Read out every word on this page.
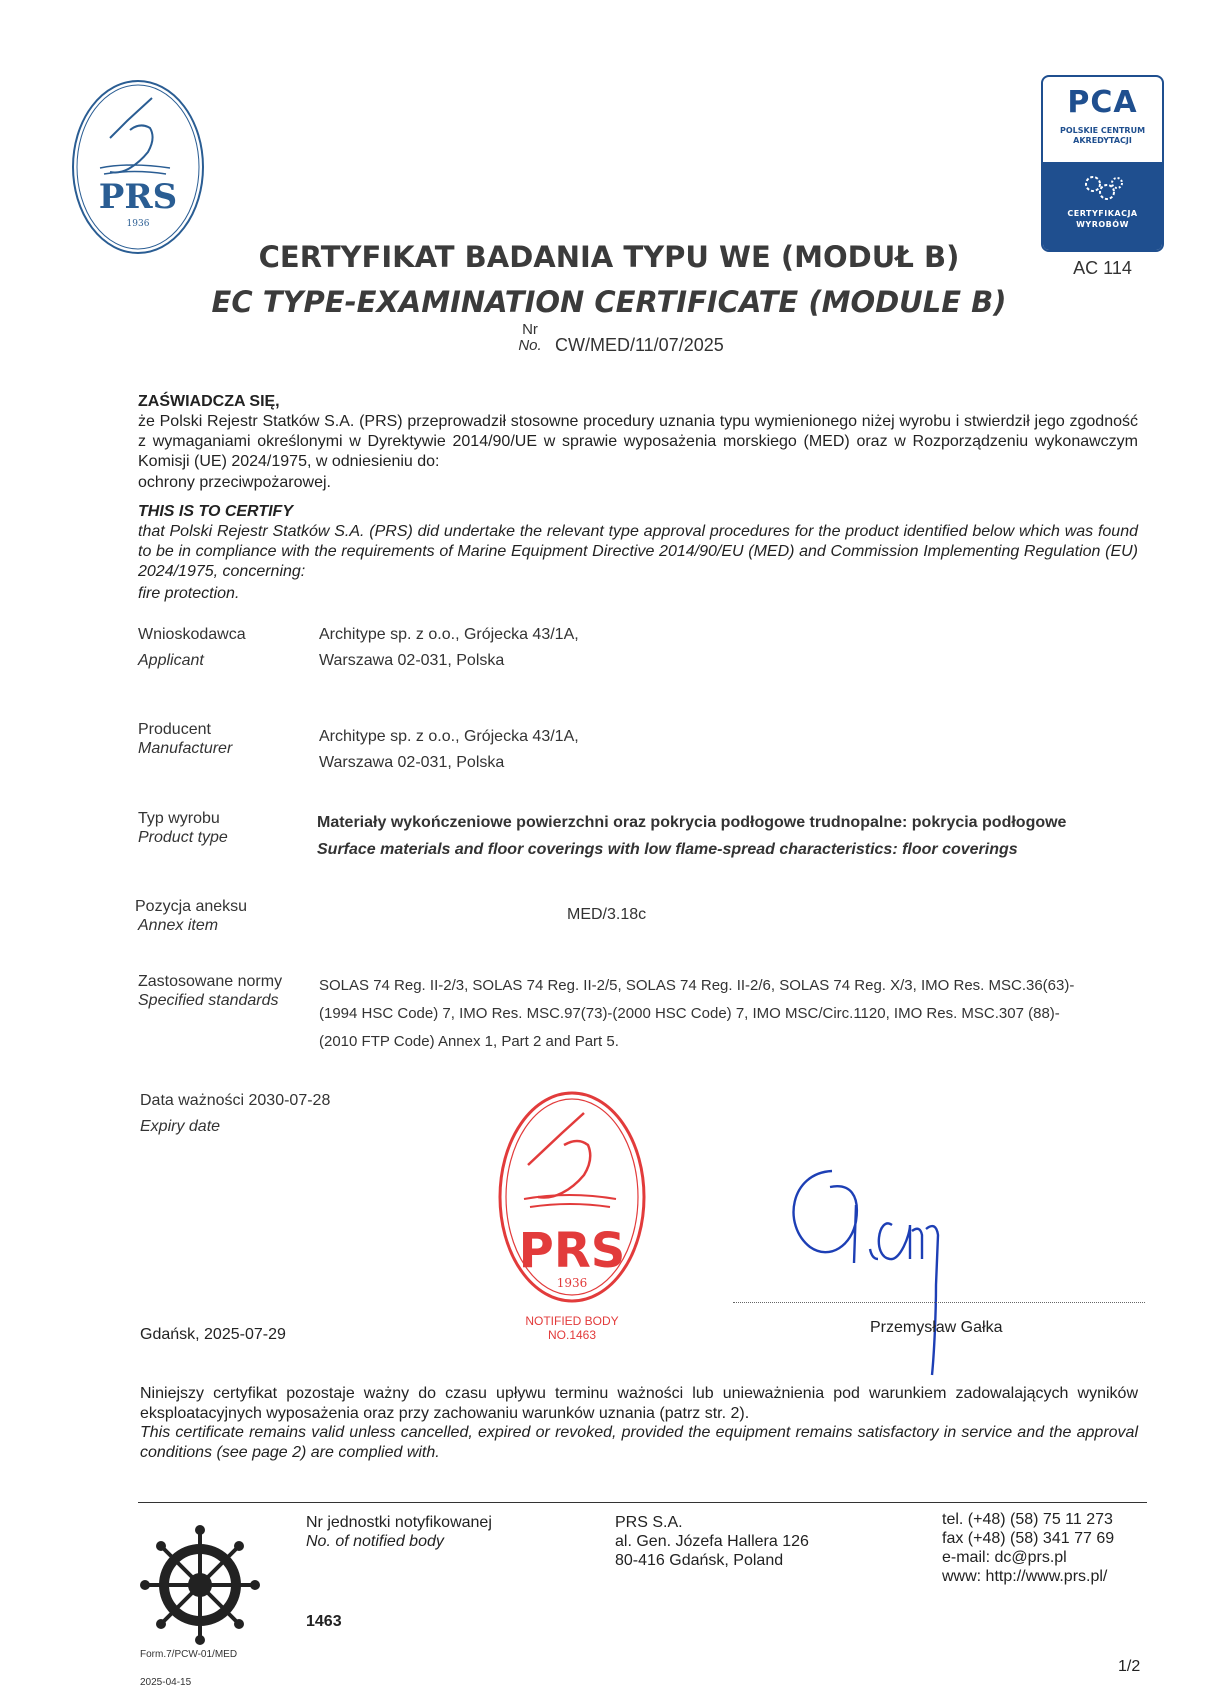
PRS
1936
PCA
POLSKIE CENTRUM
AKREDYTACJI
CERTYFIKACJA
WYROBÓW
AC 114
CERTYFIKAT BADANIA TYPU WE (MODUŁ B)
EC TYPE-EXAMINATION CERTIFICATE (MODULE B)
Nr
No. CW/MED/11/07/2025
ZAŚWIADCZA SIĘ,
że Polski Rejestr Statków S.A. (PRS) przeprowadził stosowne procedury uznania typu wymienionego niżej wyrobu i stwierdził jego zgodność z wymaganiami określonymi w Dyrektywie 2014/90/UE w sprawie wyposażenia morskiego (MED) oraz w Rozporządzeniu wykonawczym Komisji (UE) 2024/1975, w odniesieniu do:
ochrony przeciwpożarowej.
THIS IS TO CERTIFY
that Polski Rejestr Statków S.A. (PRS) did undertake the relevant type approval procedures for the product identified below which was found to be in compliance with the requirements of Marine Equipment Directive 2014/90/EU (MED) and Commission Implementing Regulation (EU) 2024/1975, concerning:
fire protection.
Wnioskodawca
Applicant
Architype sp. z o.o., Grójecka 43/1A,
Warszawa 02-031, Polska
Producent
Manufacturer
Architype sp. z o.o., Grójecka 43/1A,
Warszawa 02-031, Polska
Typ wyrobu
Product type
Materiały wykończeniowe powierzchni oraz pokrycia podłogowe trudnopalne: pokrycia podłogowe
Surface materials and floor coverings with low flame-spread characteristics: floor coverings
Pozycja aneksu
Annex item
MED/3.18c
Zastosowane normy
Specified standards
SOLAS 74 Reg. II-2/3, SOLAS 74 Reg. II-2/5, SOLAS 74 Reg. II-2/6, SOLAS 74 Reg. X/3, IMO Res. MSC.36(63)-
(1994 HSC Code) 7, IMO Res. MSC.97(73)-(2000 HSC Code) 7, IMO MSC/Circ.1120, IMO Res. MSC.307 (88)-
(2010 FTP Code) Annex 1, Part 2 and Part 5.
Data ważności 2030-07-28
Expiry date
PRS
1936
NOTIFIED BODY
NO.1463
Gdańsk, 2025-07-29	Przemysław Gałka
Niniejszy certyfikat pozostaje ważny do czasu upływu terminu ważności lub unieważnienia pod warunkiem zadowalających wyników eksploatacyjnych wyposażenia oraz przy zachowaniu warunków uznania (patrz str. 2).
This certificate remains valid unless cancelled, expired or revoked, provided the equipment remains satisfactory in service and the approval conditions (see page 2) are complied with.
Nr jednostki notyfikowanej
No. of notified body
1463
PRS S.A.
al. Gen. Józefa Hallera 126
80-416 Gdańsk, Poland
tel. (+48) (58) 75 11 273
fax (+48) (58) 341 77 69
e-mail: dc@prs.pl
www: http://www.prs.pl/
Form.7/PCW-01/MED
2025-04-15
1/2
